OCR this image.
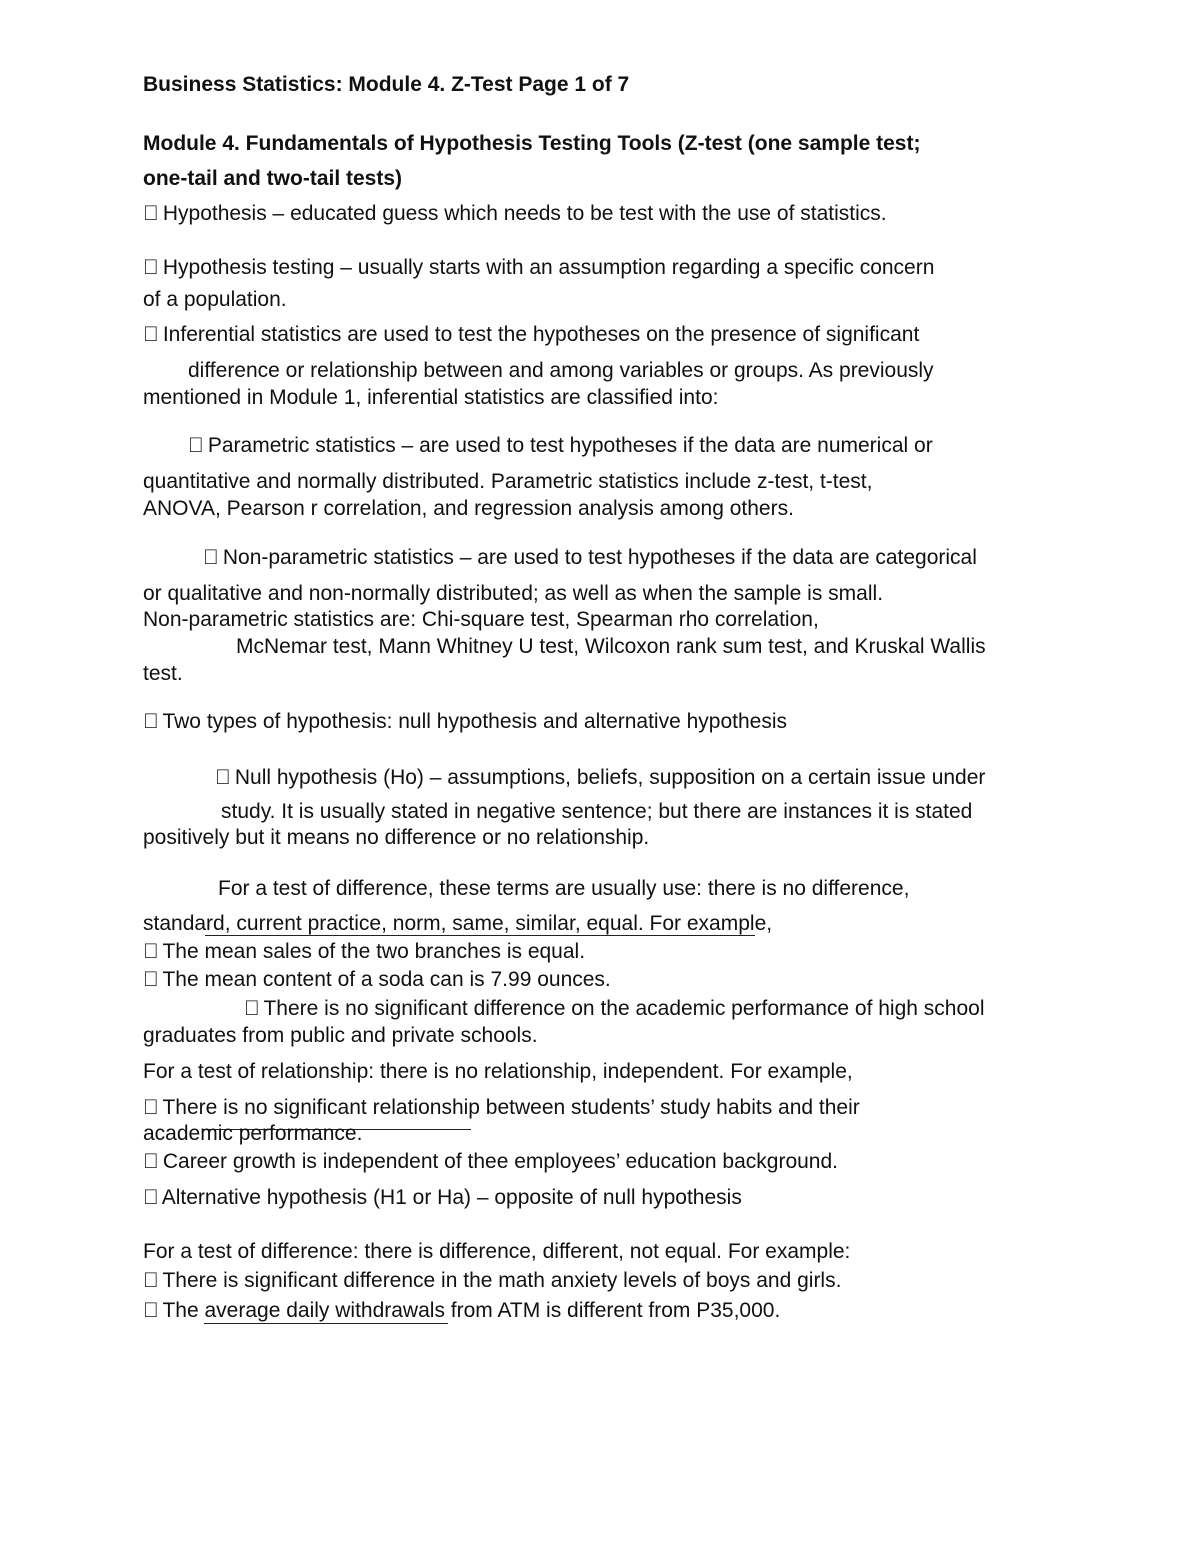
Business Statistics: Module 4. Z-Test Page 1 of 7
Module 4. Fundamentals of Hypothesis Testing Tools (Z-test (one sample test;
one-tail and two-tail tests)
Hypothesis – educated guess which needs to be test with the use of statistics.
Hypothesis testing – usually starts with an assumption regarding a specific concern
of a population.
Inferential statistics are used to test the hypotheses on the presence of significant
difference or relationship between and among variables or groups. As previously
mentioned in Module 1, inferential statistics are classified into:
Parametric statistics – are used to test hypotheses if the data are numerical or
quantitative and normally distributed. Parametric statistics include z-test, t-test,
ANOVA, Pearson r correlation, and regression analysis among others.
Non-parametric statistics – are used to test hypotheses if the data are categorical
or qualitative and non-normally distributed; as well as when the sample is small.
Non-parametric statistics are: Chi-square test, Spearman rho correlation,
McNemar test, Mann Whitney U test, Wilcoxon rank sum test, and Kruskal Wallis
test.
Two types of hypothesis: null hypothesis and alternative hypothesis
Null hypothesis (Ho) – assumptions, beliefs, supposition on a certain issue under
study. It is usually stated in negative sentence; but there are instances it is stated
positively but it means no difference or no relationship.
For a test of difference, these terms are usually use: there is no difference,
standard, current practice, norm, same, similar, equal. For example,
The mean sales of the two branches is equal.
The mean content of a soda can is 7.99 ounces.
There is no significant difference on the academic performance of high school
graduates from public and private schools.
For a test of relationship: there is no relationship, independent. For example,
There is no significant relationship between students’ study habits and their
academic performance.
Career growth is independent of thee employees’ education background.
Alternative hypothesis (H1 or Ha) – opposite of null hypothesis
For a test of difference: there is difference, different, not equal. For example:
There is significant difference in the math anxiety levels of boys and girls.
The average daily withdrawals from ATM is different from P35,000.
